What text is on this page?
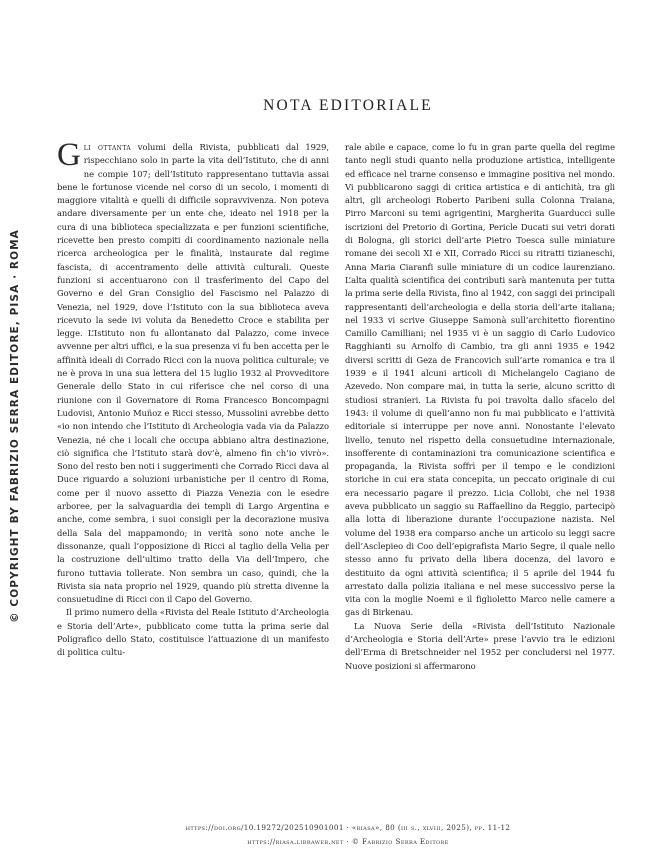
© COPYRIGHT BY FABRIZIO SERRA EDITORE, PISA · ROMA
NOTA EDITORIALE

Gli ottanta volumi della Rivista, pubblicati dal 1929, rispecchiano solo in parte la vita dell’Istituto, che di anni ne compie 107; dell’Istituto rappresentano tuttavia assai bene le fortunose vicende nel corso di un secolo, i momenti di maggiore vitalità e quelli di difficile sopravvivenza. Non poteva andare diversamente per un ente che, ideato nel 1918 per la cura di una biblioteca specializzata e per funzioni scientifiche, ricevette ben presto compiti di coordinamento nazionale nella ricerca archeologica per le finalità, instaurate dal regime fascista, di accentramento delle attività culturali. Queste funzioni si accentuarono con il trasferimento del Capo del Governo e del Gran Consiglio del Fascismo nel Palazzo di Venezia, nel 1929, dove l’Istituto con la sua biblioteca aveva ricevuto la sede ivi voluta da Benedetto Croce e stabilita per legge. L’Istituto non fu allontanato dal Palazzo, come invece avvenne per altri uffici, e la sua presenza vi fu ben accetta per le affinità ideali di Corrado Ricci con la nuova politica culturale; ve ne è prova in una sua lettera del 15 luglio 1932 al Provveditore Generale dello Stato in cui riferisce che nel corso di una riunione con il Governatore di Roma Francesco Boncompagni Ludovisi, Antonio Muñoz e Ricci stesso, Mussolini avrebbe detto «io non intendo che l’Istituto di Archeologia vada via da Palazzo Venezia, né che i locali che occupa abbiano altra destinazione, ciò significa che l’Istituto starà dov’è, almeno fin ch’io vivrò». Sono del resto ben noti i suggerimenti che Corrado Ricci dava al Duce riguardo a soluzioni urbanistiche per il centro di Roma, come per il nuovo assetto di Piazza Venezia con le esedre arboree, per la salvaguardia dei templi di Largo Argentina e anche, come sembra, i suoi consigli per la decorazione musiva della Sala del mappamondo; in verità sono note anche le dissonanze, quali l’opposizione di Ricci al taglio della Velia per la costruzione dell’ultimo tratto della Via dell’Impero, che furono tuttavia tollerate. Non sembra un caso, quindi, che la Rivista sia nata proprio nel 1929, quando più stretta divenne la consuetudine di Ricci con il Capo del Governo.

Il primo numero della «Rivista del Reale Istituto d’Archeologia e Storia dell’Arte», pubblicato come tutta la prima serie dal Poligrafico dello Stato, costituisce l’attuazione di un manifesto di politica cultu-

rale abile e capace, come lo fu in gran parte quella del regime tanto negli studi quanto nella produzione artistica, intelligente ed efficace nel trarne consenso e immagine positiva nel mondo. Vi pubblicarono saggi di critica artistica e di antichità, tra gli altri, gli archeologi Roberto Paribeni sulla Colonna Traiana, Pirro Marconi su temi agrigentini, Margherita Guarducci sulle iscrizioni del Pretorio di Gortina, Pericle Ducati sui vetri dorati di Bologna, gli storici dell’arte Pietro Toesca sulle miniature romane dei secoli XI e XII, Corrado Ricci su ritratti tizianeschi, Anna Maria Ciaranfi sulle miniature di un codice laurenziano. L’alta qualità scientifica dei contributi sarà mantenuta per tutta la prima serie della Rivista, fino al 1942, con saggi dei principali rappresentanti dell’archeologia e della storia dell’arte italiana; nel 1933 vi scrive Giuseppe Samonà sull’architetto fiorentino Camillo Camilliani; nel 1935 vi è un saggio di Carlo Ludovico Ragghianti su Arnolfo di Cambio, tra gli anni 1935 e 1942 diversi scritti di Geza de Francovich sull’arte romanica e tra il 1939 e il 1941 alcuni articoli di Michelangelo Cagiano de Azevedo. Non compare mai, in tutta la serie, alcuno scritto di studiosi stranieri. La Rivista fu poi travolta dallo sfacelo del 1943: il volume di quell’anno non fu mai pubblicato e l’attività editoriale si interruppe per nove anni. Nonostante l’elevato livello, tenuto nel rispetto della consuetudine internazionale, insofferente di contaminazioni tra comunicazione scientifica e propaganda, la Rivista soffrì per il tempo e le condizioni storiche in cui era stata concepita, un peccato originale di cui era necessario pagare il prezzo. Licia Collobi, che nel 1938 aveva pubblicato un saggio su Raffaellino da Reggio, partecipò alla lotta di liberazione durante l’occupazione nazista. Nel volume del 1938 era comparso anche un articolo su leggi sacre dell’Asclepieo di Coo dell’epigrafista Mario Segre, il quale nello stesso anno fu privato della libera docenza, del lavoro e destituito da ogni attività scientifica; il 5 aprile del 1944 fu arrestato dalla polizia italiana e nel mese successivo perse la vita con la moglie Noemi e il figlioletto Marco nelle camere a gas di Birkenau.

La Nuova Serie della «Rivista dell’Istituto Nazionale d’Archeologia e Storia dell’Arte» prese l’avvio tra le edizioni dell’Erma di Bretschneider nel 1952 per concludersi nel 1977. Nuove posizioni si affermarono

https://doi.org/10.19272/202510901001 · «riasa», 80 (iii s., xlviii, 2025), pp. 11-12
https://riasa.libraweb.net · © Fabrizio Serra Editore
